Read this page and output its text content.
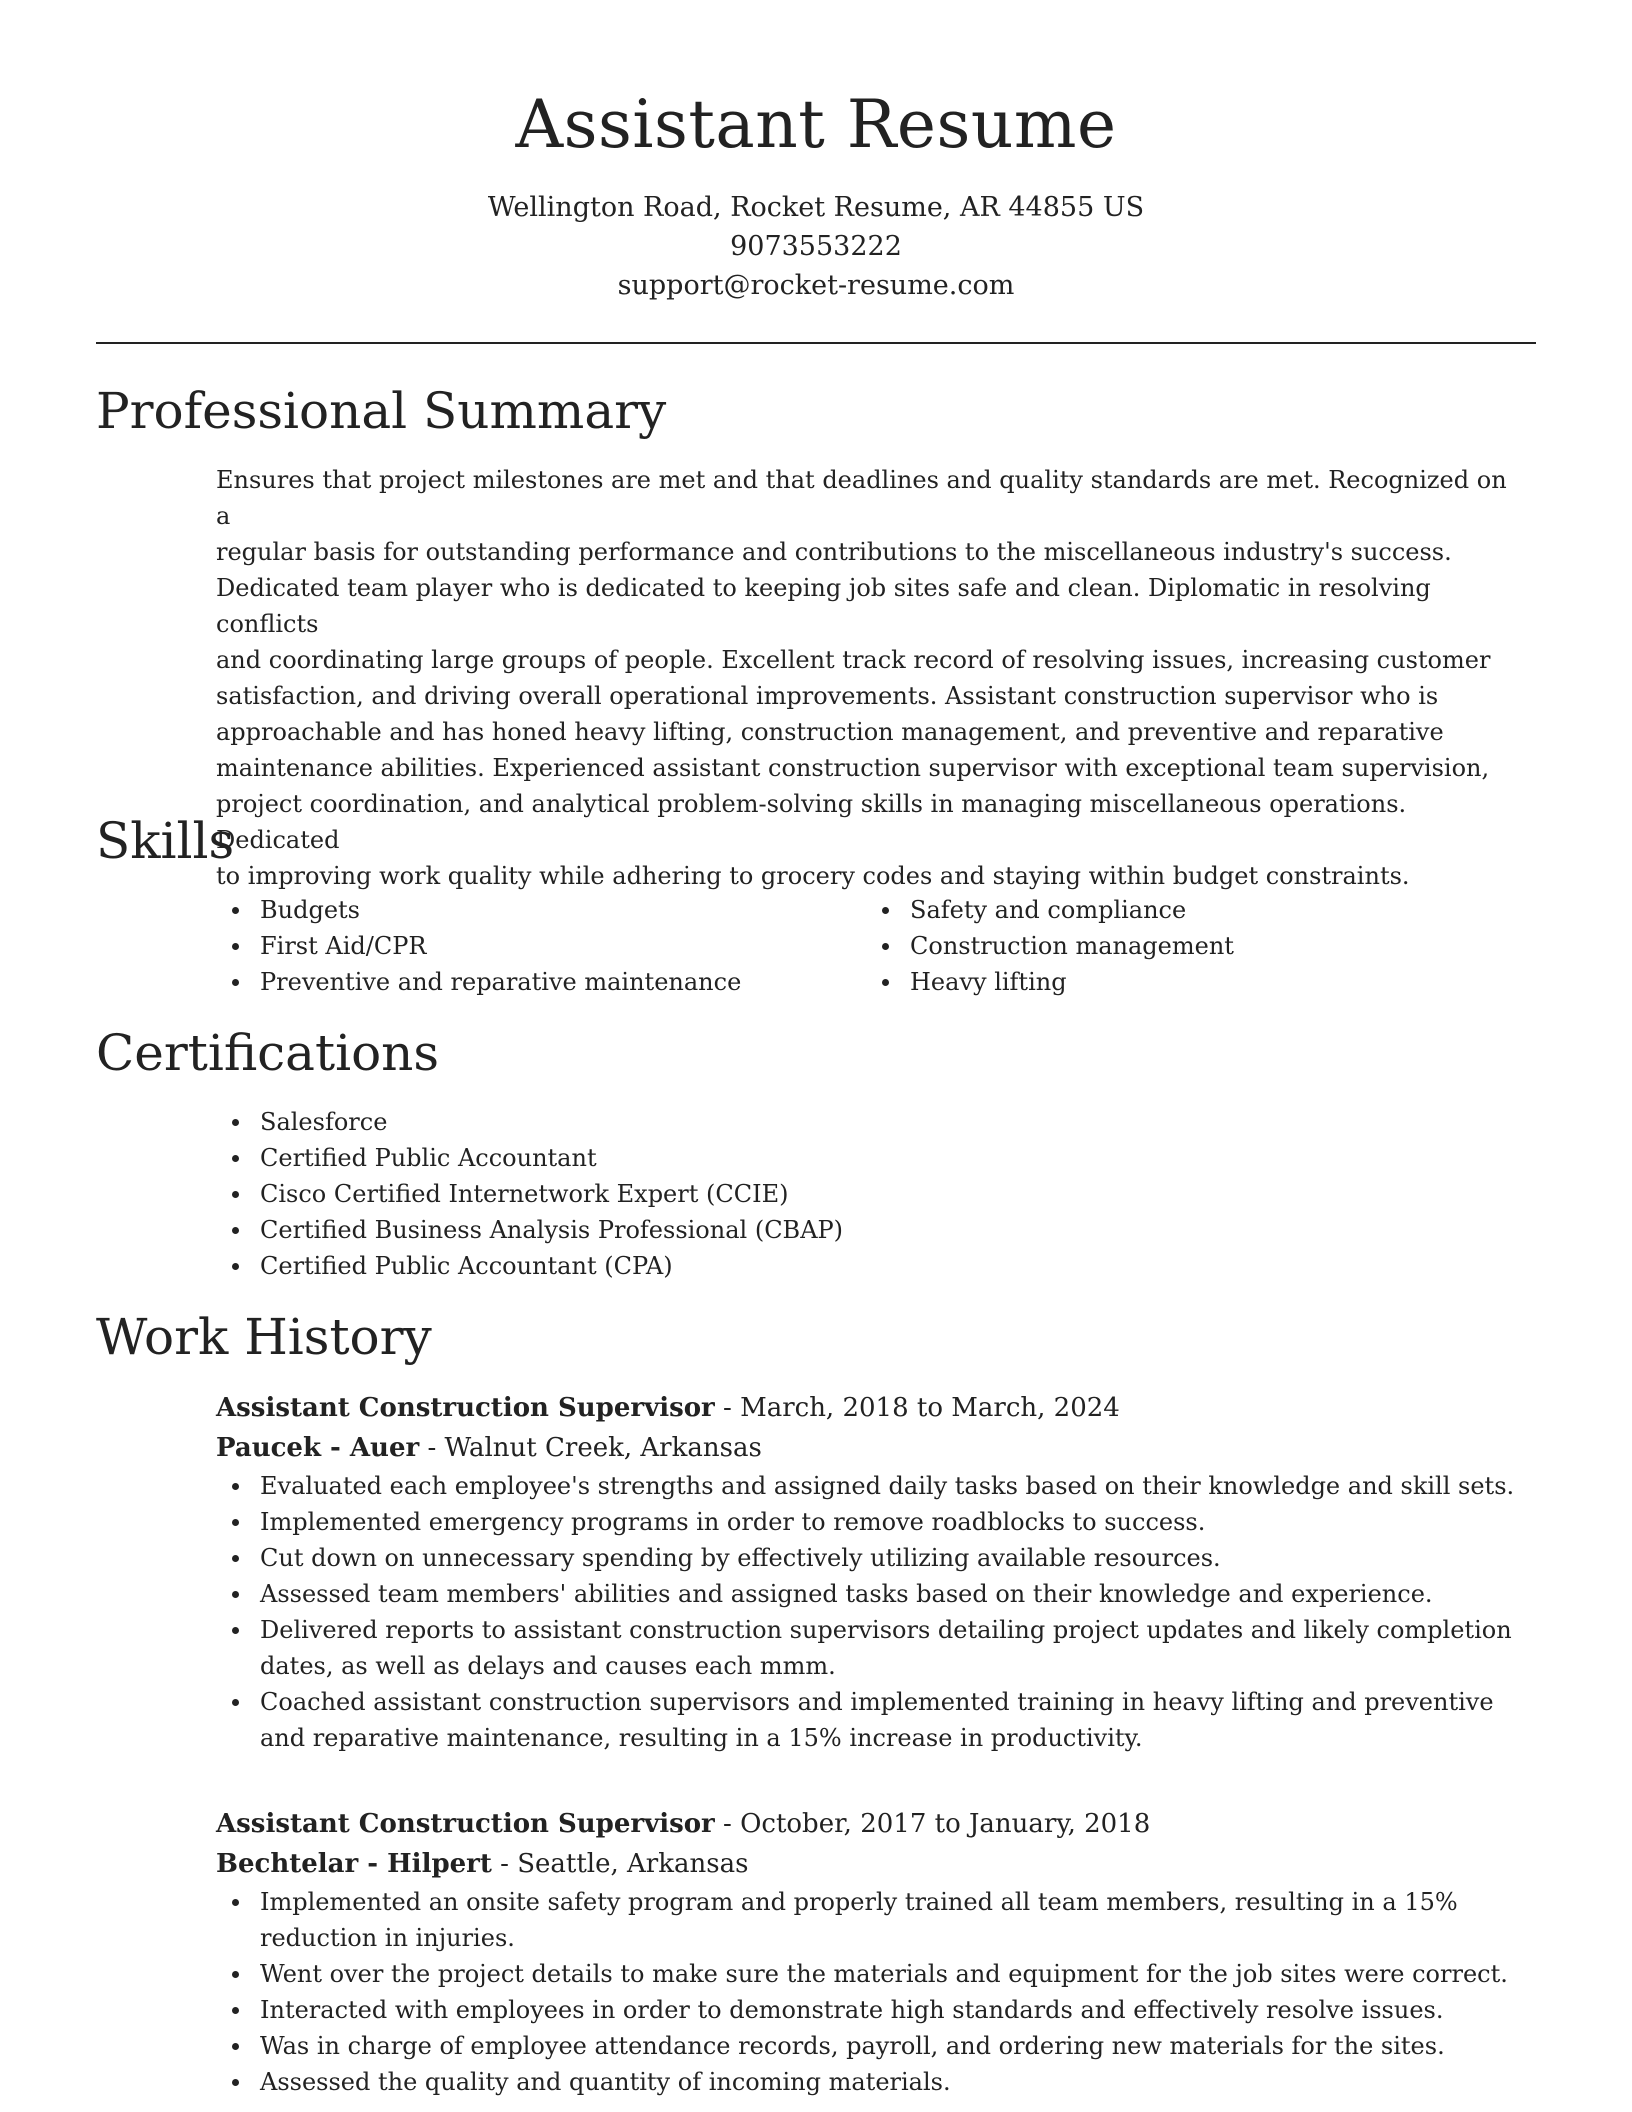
Assistant Resume
Wellington Road, Rocket Resume, AR 44855 US
9073553222
support@rocket-resume.com
Professional Summary
Ensures that project milestones are met and that deadlines and quality standards are met. Recognized on a
regular basis for outstanding performance and contributions to the miscellaneous industry's success.
Dedicated team player who is dedicated to keeping job sites safe and clean. Diplomatic in resolving conflicts
and coordinating large groups of people. Excellent track record of resolving issues, increasing customer
satisfaction, and driving overall operational improvements. Assistant construction supervisor who is
approachable and has honed heavy lifting, construction management, and preventive and reparative
maintenance abilities. Experienced assistant construction supervisor with exceptional team supervision,
project coordination, and analytical problem-solving skills in managing miscellaneous operations. Dedicated
to improving work quality while adhering to grocery codes and staying within budget constraints.
Skills
Budgets
First Aid/CPR
Preventive and reparative maintenance
Safety and compliance
Construction management
Heavy lifting
Certifications
Salesforce
Certified Public Accountant
Cisco Certified Internetwork Expert (CCIE)
Certified Business Analysis Professional (CBAP)
Certified Public Accountant (CPA)
Work History
Assistant Construction Supervisor - March, 2018 to March, 2024
Paucek - Auer - Walnut Creek, Arkansas
Evaluated each employee's strengths and assigned daily tasks based on their knowledge and skill sets.
Implemented emergency programs in order to remove roadblocks to success.
Cut down on unnecessary spending by effectively utilizing available resources.
Assessed team members' abilities and assigned tasks based on their knowledge and experience.
Delivered reports to assistant construction supervisors detailing project updates and likely completion dates, as well as delays and causes each mmm.
Coached assistant construction supervisors and implemented training in heavy lifting and preventive and reparative maintenance, resulting in a 15% increase in productivity.
Assistant Construction Supervisor - October, 2017 to January, 2018
Bechtelar - Hilpert - Seattle, Arkansas
Implemented an onsite safety program and properly trained all team members, resulting in a 15% reduction in injuries.
Went over the project details to make sure the materials and equipment for the job sites were correct.
Interacted with employees in order to demonstrate high standards and effectively resolve issues.
Was in charge of employee attendance records, payroll, and ordering new materials for the sites.
Assessed the quality and quantity of incoming materials.
